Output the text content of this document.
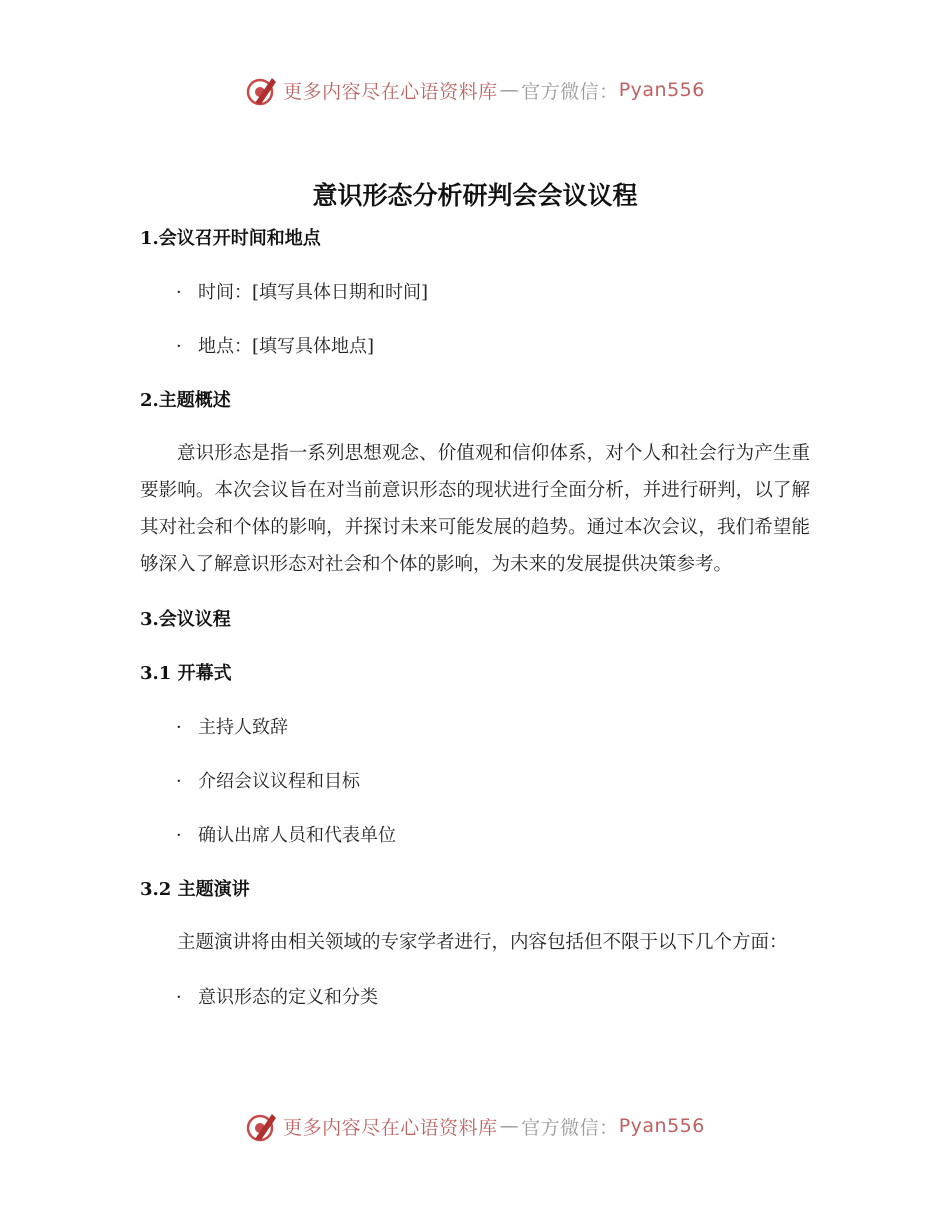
更多内容尽在心语资料库 — 官方微信： Pyan556
意识形态分析研判会会议议程

1.会议召开时间和地点

· 时间：[填写具体日期和时间]

· 地点：[填写具体地点]

2.主题概述

意识形态是指一系列思想观念、价值观和信仰体系，对个人和社会行为产生重要影响。本次会议旨在对当前意识形态的现状进行全面分析，并进行研判，以了解其对社会和个体的影响，并探讨未来可能发展的趋势。通过本次会议，我们希望能够深入了解意识形态对社会和个体的影响，为未来的发展提供决策参考。

3.会议议程

3.1 开幕式

· 主持人致辞

· 介绍会议议程和目标

· 确认出席人员和代表单位

3.2 主题演讲

主题演讲将由相关领域的专家学者进行，内容包括但不限于以下几个方面：

· 意识形态的定义和分类

更多内容尽在心语资料库 — 官方微信： Pyan556
